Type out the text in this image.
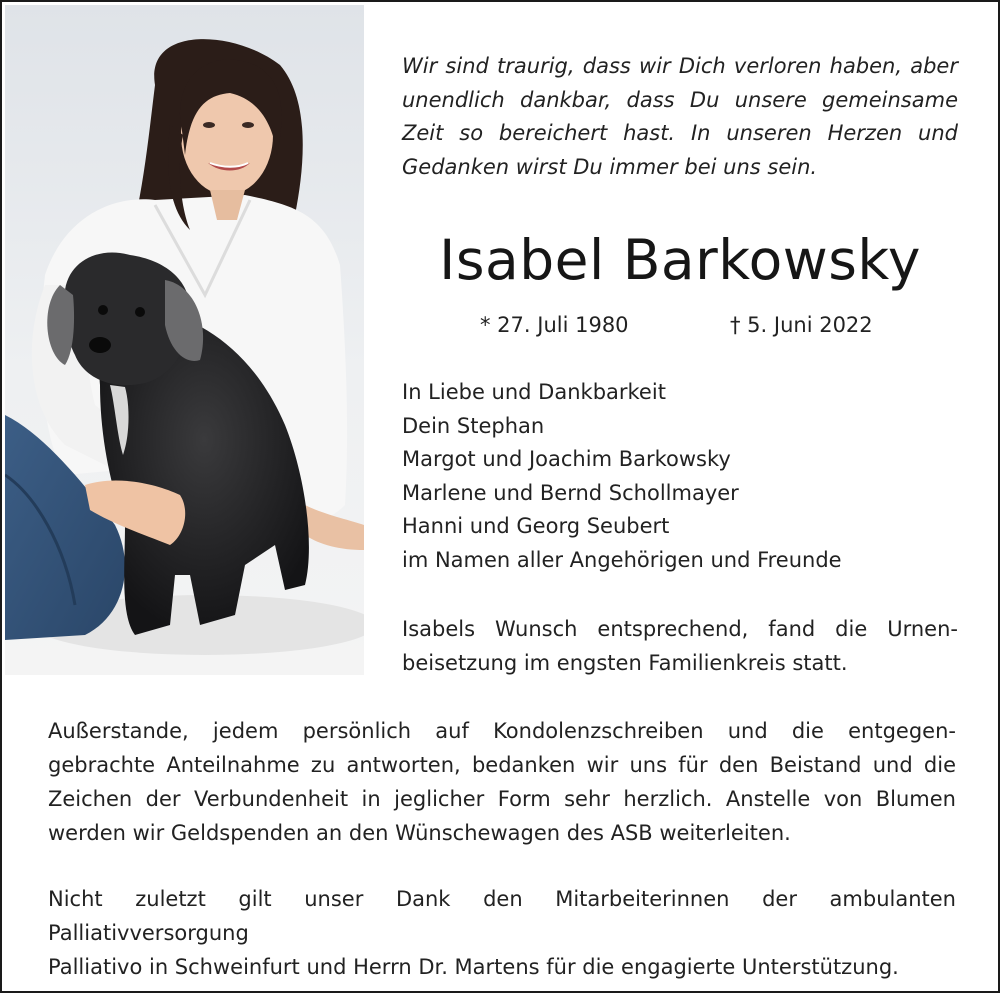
Wir sind traurig, dass wir Dich verloren haben, aber unendlich dankbar, dass Du unsere gemeinsame Zeit so bereichert hast. In unseren Herzen und Gedanken wirst Du immer bei uns sein.
Isabel Barkowsky
* 27. Juli 1980	† 5. Juni 2022
In Liebe und Dankbarkeit
Dein Stephan
Margot und Joachim Barkowsky
Marlene und Bernd Schollmayer
Hanni und Georg Seubert
im Namen aller Angehörigen und Freunde
Isabels Wunsch entsprechend, fand die Urnen-
beisetzung im engsten Familienkreis statt.
Außerstande, jedem persönlich auf Kondolenzschreiben und die entgegen-
gebrachte Anteilnahme zu antworten, bedanken wir uns für den Beistand und die
Zeichen der Verbundenheit in jeglicher Form sehr herzlich. Anstelle von Blumen
werden wir Geldspenden an den Wünschewagen des ASB weiterleiten.
Nicht zuletzt gilt unser Dank den Mitarbeiterinnen der ambulanten Palliativversorgung
Palliativo in Schweinfurt und Herrn Dr. Martens für die engagierte Unterstützung.
